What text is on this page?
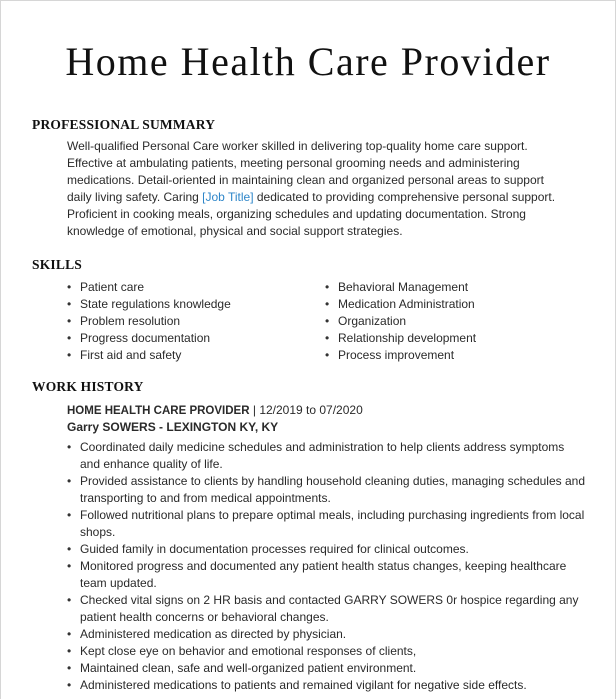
Home Health Care Provider
PROFESSIONAL SUMMARY
Well-qualified Personal Care worker skilled in delivering top-quality home care support. Effective at ambulating patients, meeting personal grooming needs and administering medications. Detail-oriented in maintaining clean and organized personal areas to support daily living safety. Caring [Job Title] dedicated to providing comprehensive personal support. Proficient in cooking meals, organizing schedules and updating documentation. Strong knowledge of emotional, physical and social support strategies.
SKILLS
• Patient care
• State regulations knowledge
• Problem resolution
• Progress documentation
• First aid and safety
• Behavioral Management
• Medication Administration
• Organization
• Relationship development
• Process improvement
WORK HISTORY
HOME HEALTH CARE PROVIDER | 12/2019 to 07/2020
Garry SOWERS - LEXINGTON KY, KY
• Coordinated daily medicine schedules and administration to help clients address symptoms and enhance quality of life.
• Provided assistance to clients by handling household cleaning duties, managing schedules and transporting to and from medical appointments.
• Followed nutritional plans to prepare optimal meals, including purchasing ingredients from local shops.
• Guided family in documentation processes required for clinical outcomes.
• Monitored progress and documented any patient health status changes, keeping healthcare team updated.
• Checked vital signs on 2 HR basis and contacted GARRY SOWERS 0r hospice regarding any patient health concerns or behavioral changes.
• Administered medication as directed by physician.
• Kept close eye on behavior and emotional responses of clients,
• Maintained clean, safe and well-organized patient environment.
• Administered medications to patients and remained vigilant for negative side effects.
